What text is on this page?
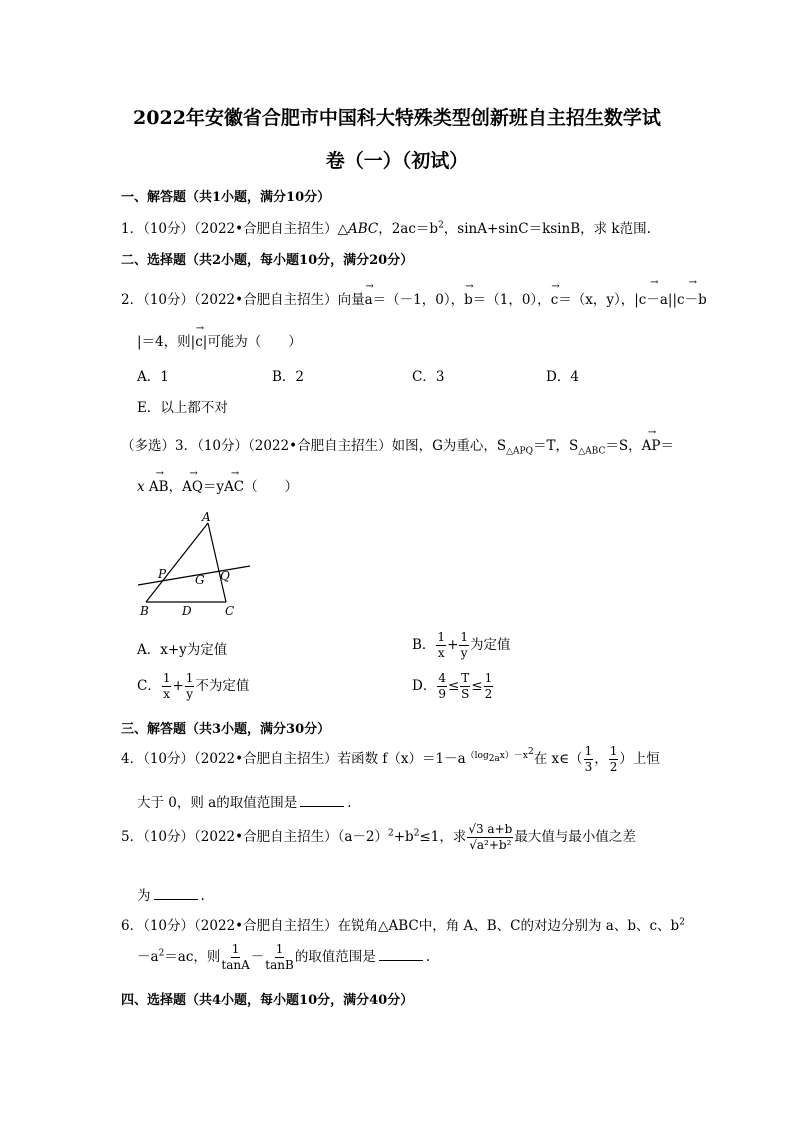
2022年安徽省合肥市中国科大特殊类型创新班自主招生数学试
卷（一）（初试）
一、解答题（共1小题，满分10分）
1．（10分）（2022•合肥自主招生）△ABC，$2ac=b^2$，sinA+sinC＝ksinB，求 k范围.
二、选择题（共2小题，每小题10分，满分20分）
2．（10分）（2022•合肥自主招生）向量→ a＝（－1，0），→ b＝（1，0），→ c＝（x，y），|→ c－a||→ c－b
|＝4，则|→ c|可能为（　　）
A．1	B．2	C．3	D．4
E．以上都不对
（多选）3．（10分）（2022•合肥自主招生）如图，G为重心，$S_{\triangle APQ}=T$，$S_{\triangle ABC}=S$，→ AP＝
x → AB，→ AQ＝y→ AC（　　）
A
B	D	C
P G Q
A．x+y为定值	B． $\frac{1}{x} + \frac{1}{y}$ 为定值
C． $\frac{1}{x} + \frac{1}{y}$ 不为定值	D． $\frac{4}{9} \le \frac{T}{S} \le \frac{1}{2}$
三、解答题（共3小题，满分30分）
4．（10分）（2022•合肥自主招生）若函数 $f(x)=1-a^{(log_{2a}x)-x^2}$在 x∈（ $\frac{1}{3}$ ， $\frac{1}{2}$ ）上恒
大于 0，则 a的取值范围是	.
5．（10分）（2022•合肥自主招生）$(a-2)^2+b^2\le 1$，求 $\frac{√3 a+b}{\text{√a²+b²}}$ 最大值与最小值之差
为	.
6．（10分）（2022•合肥自主招生）在锐角△ABC中，角 A、B、C的对边分别为 a、b、c、$b^2$
$-a^2=ac$，则 $\frac{1}{\tan A} - \frac{1}{\tan B}$ 的取值范围是	.
四、选择题（共4小题，每小题10分，满分40分）
